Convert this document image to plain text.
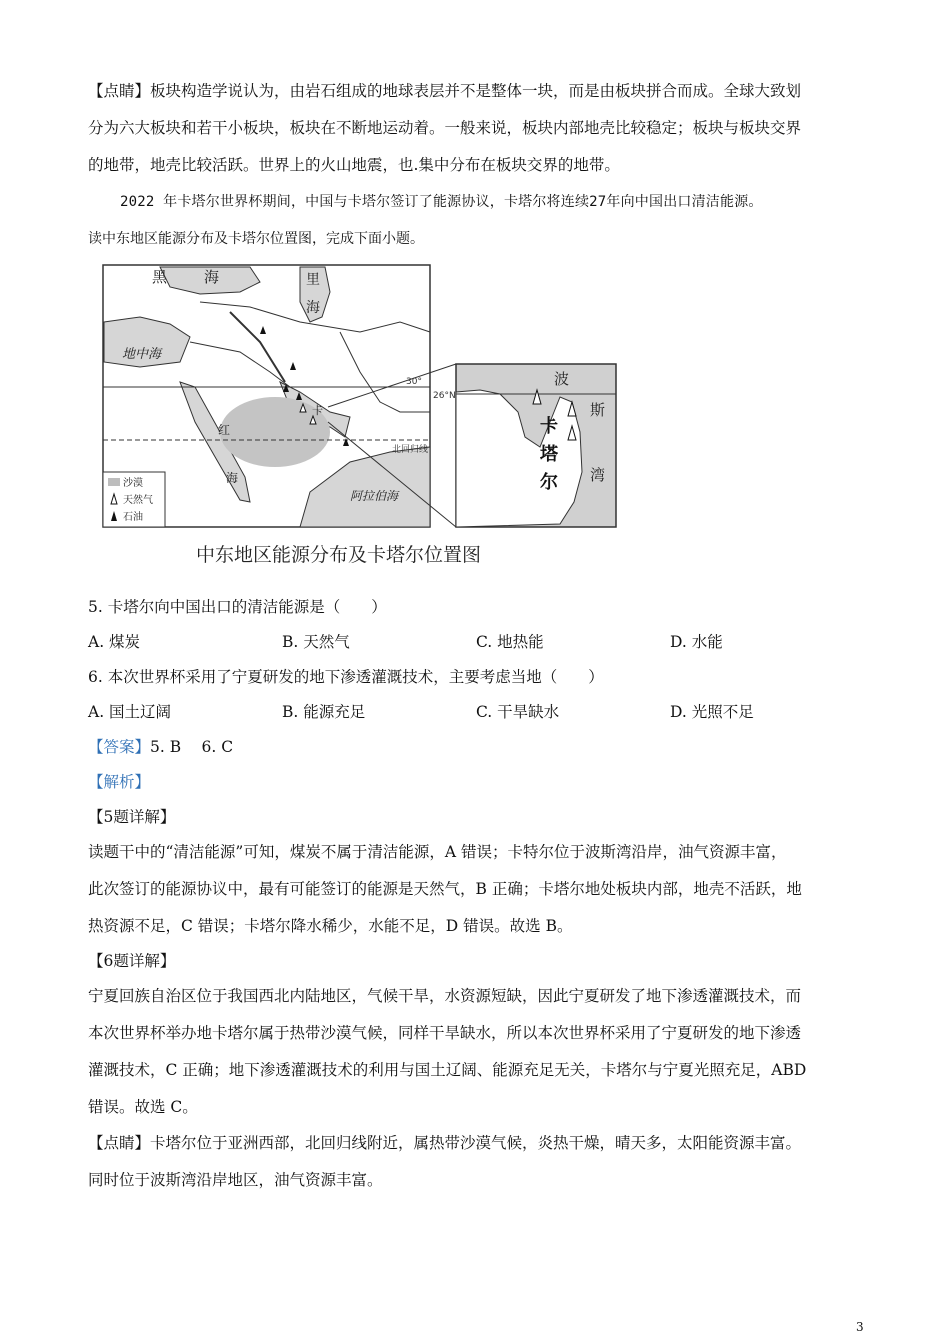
【点睛】板块构造学说认为，由岩石组成的地球表层并不是整体一块，而是由板块拼合而成。全球大致划
分为六大板块和若干小板块，板块在不断地运动着。一般来说，板块内部地壳比较稳定；板块与板块交界
的地带，地壳比较活跃。世界上的火山地震，也.集中分布在板块交界的地带。
2022 年卡塔尔世界杯期间，中国与卡塔尔签订了能源协议，卡塔尔将连续27年向中国出口清洁能源。
读中东地区能源分布及卡塔尔位置图，完成下面小题。
30°
北回归线
黑 海	里
海
地中海
红
海
阿拉伯海
卡
沙漠
天然气
石油
26°N
波
斯
湾
卡
塔
尔
中东地区能源分布及卡塔尔位置图
5. 卡塔尔向中国出口的清洁能源是（　　）
A. 煤炭	B. 天然气	C. 地热能	D. 水能
6. 本次世界杯采用了宁夏研发的地下渗透灌溉技术，主要考虑当地（　　）
A. 国土辽阔	B. 能源充足	C. 干旱缺水	D. 光照不足
【答案】5. B　 6. C
【解析】
【5题详解】
读题干中的“清洁能源”可知，煤炭不属于清洁能源，A 错误；卡特尔位于波斯湾沿岸，油气资源丰富，
此次签订的能源协议中，最有可能签订的能源是天然气，B 正确；卡塔尔地处板块内部，地壳不活跃，地
热资源不足，C 错误；卡塔尔降水稀少，水能不足，D 错误。故选 B。
【6题详解】
宁夏回族自治区位于我国西北内陆地区，气候干旱，水资源短缺，因此宁夏研发了地下渗透灌溉技术，而
本次世界杯举办地卡塔尔属于热带沙漠气候，同样干旱缺水，所以本次世界杯采用了宁夏研发的地下渗透
灌溉技术，C 正确；地下渗透灌溉技术的利用与国土辽阔、能源充足无关，卡塔尔与宁夏光照充足，ABD
错误。故选 C。
【点睛】卡塔尔位于亚洲西部，北回归线附近，属热带沙漠气候，炎热干燥，晴天多，太阳能资源丰富。
同时位于波斯湾沿岸地区，油气资源丰富。
3
